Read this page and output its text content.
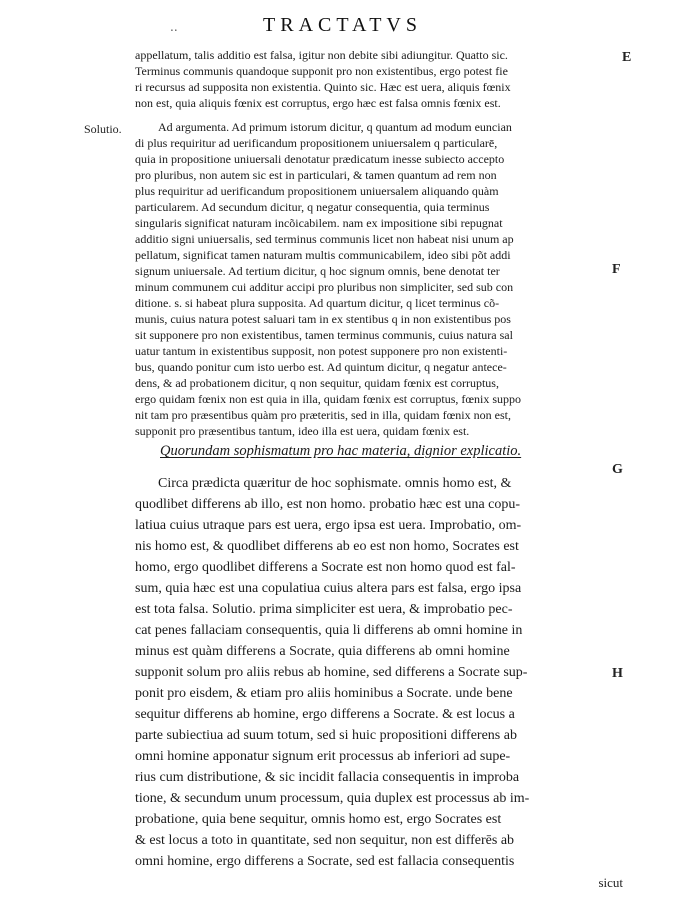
..	TRACTATVS
Solutio.
E
F
G
H
appellatum, talis additio est falsa, igitur non debite sibi adiungitur. Quatto sic.
Terminus communis quandoque supponit pro non existentibus, ergo potest fie
ri recursus ad supposita non existentia. Quinto sic. Hæc est uera, aliquis fœnix
non est, quia aliquis fœnix est corruptus, ergo hæc est falsa omnis fœnix est.
Ad argumenta. Ad primum istorum dicitur, q quantum ad modum euncian
di plus requiritur ad uerificandum propositionem uniuersalem q particularē,
quia in propositione uniuersali denotatur prædicatum inesse subiecto accepto
pro pluribus, non autem sic est in particulari, & tamen quantum ad rem non
plus requiritur ad uerificandum propositionem uniuersalem aliquando quàm
particularem. Ad secundum dicitur, q negatur consequentia, quia terminus
singularis significat naturam incõicabilem. nam ex impositione sibi repugnat
additio signi uniuersalis, sed terminus communis licet non habeat nisi unum ap
pellatum, significat tamen naturam multis communicabilem, ideo sibi põt addi
signum uniuersale. Ad tertium dicitur, q hoc signum omnis, bene denotat ter
minum communem cui additur accipi pro pluribus non simpliciter, sed sub con
ditione. s. si habeat plura supposita. Ad quartum dicitur, q licet terminus cõ-
munis, cuius natura potest saluari tam in ex stentibus q in non existentibus pos
sit supponere pro non existentibus, tamen terminus communis, cuius natura sal
uatur tantum in existentibus supposit, non potest supponere pro non existenti-
bus, quando ponitur cum isto uerbo est. Ad quintum dicitur, q negatur antece-
dens, & ad probationem dicitur, q non sequitur, quidam fœnix est corruptus,
ergo quidam fœnix non est quia in illa, quidam fœnix est corruptus, fœnix suppo
nit tam pro præsentibus quàm pro præteritis, sed in illa, quidam fœnix non est,
supponit pro præsentibus tantum, ideo illa est uera, quidam fœnix est.
Quorundam sophismatum pro hac materia, dignior explicatio.
Circa prædicta quæritur de hoc sophismate. omnis homo est, &
quodlibet differens ab illo, est non homo. probatio hæc est una copu-
latiua cuius utraque pars est uera, ergo ipsa est uera. Improbatio, om-
nis homo est, & quodlibet differens ab eo est non homo, Socrates est
homo, ergo quodlibet differens a Socrate est non homo quod est fal-
sum, quia hæc est una copulatiua cuius altera pars est falsa, ergo ipsa
est tota falsa. Solutio. prima simpliciter est uera, & improbatio pec-
cat penes fallaciam consequentis, quia li differens ab omni homine in
minus est quàm differens a Socrate, quia differens ab omni homine
supponit solum pro aliis rebus ab homine, sed differens a Socrate sup-
ponit pro eisdem, & etiam pro aliis hominibus a Socrate. unde bene
sequitur differens ab homine, ergo differens a Socrate. & est locus a
parte subiectiua ad suum totum, sed si huic propositioni differens ab
omni homine apponatur signum erit processus ab inferiori ad supe-
rius cum distributione, & sic incidit fallacia consequentis in improba
tione, & secundum unum processum, quia duplex est processus ab im-
probatione, quia bene sequitur, omnis homo est, ergo Socrates est
& est locus a toto in quantitate, sed non sequitur, non est differēs ab
omni homine, ergo differens a Socrate, sed est fallacia consequentis
sicut
